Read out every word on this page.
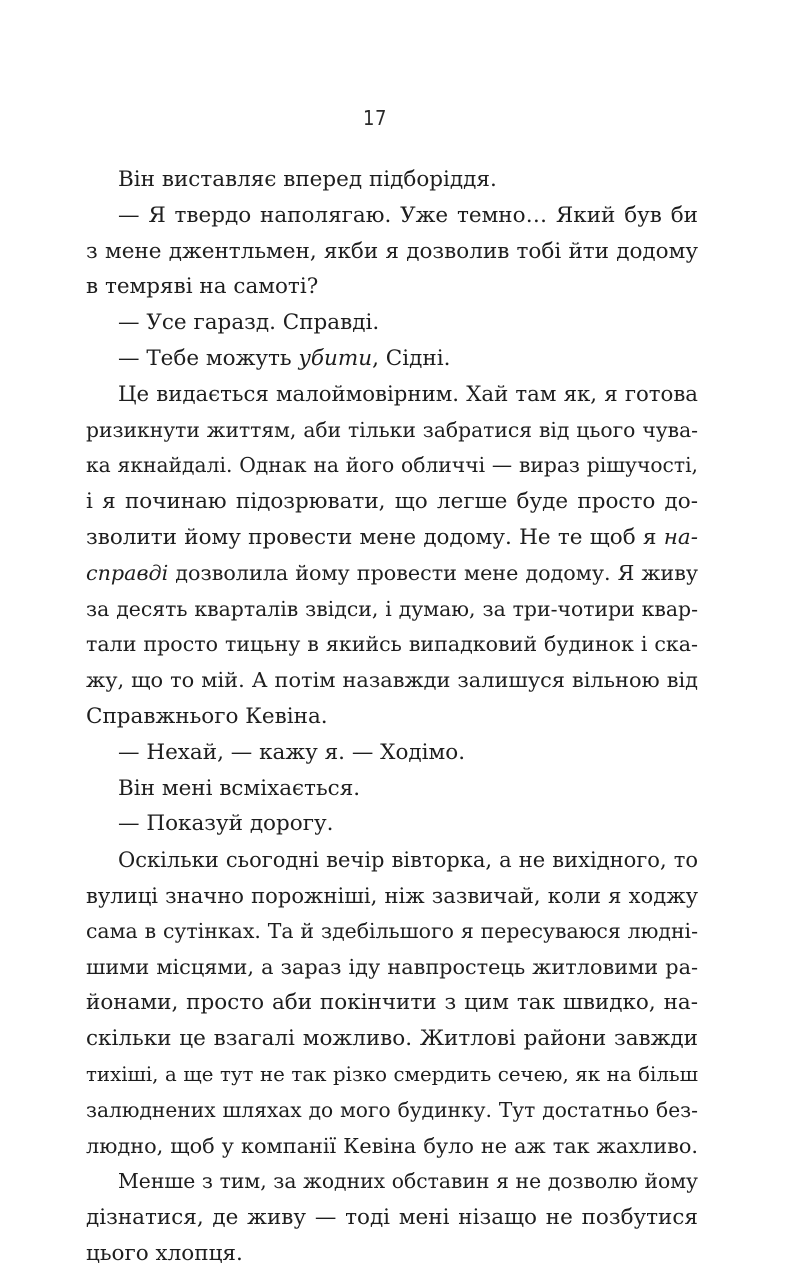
17
Він виставляє вперед підборіддя.
— Я твердо наполягаю. Уже темно… Який був би
з мене джентльмен, якби я дозволив тобі йти додому
в темряві на самоті?
— Усе гаразд. Справді.
— Тебе можуть убити, Сідні.
Це видається малоймовірним. Хай там як, я готова
ризикнути життям, аби тільки забратися від цього чува-
ка якнайдалі. Однак на його обличчі — вираз рішучості,
і я починаю підозрювати, що легше буде просто до-
зволити йому провести мене додому. Не те щоб я на-
справді дозволила йому провести мене додому. Я живу
за десять кварталів звідси, і думаю, за три-чотири квар-
тали просто тицьну в якийсь випадковий будинок і ска-
жу, що то мій. А потім назавжди залишуся вільною від
Справжнього Кевіна.
— Нехай, — кажу я. — Ходімо.
Він мені всміхається.
— Показуй дорогу.
Оскільки сьогодні вечір вівторка, а не вихідного, то
вулиці значно порожніші, ніж зазвичай, коли я ходжу
сама в сутінках. Та й здебільшого я пересуваюся людні-
шими місцями, а зараз іду навпростець житловими ра-
йонами, просто аби покінчити з цим так швидко, на-
скільки це взагалі можливо. Житлові райони завжди
тихіші, а ще тут не так різко смердить сечею, як на більш
залюднених шляхах до мого будинку. Тут достатньо без-
людно, щоб у компанії Кевіна було не аж так жахливо.
Менше з тим, за жодних обставин я не дозволю йому
дізнатися, де живу — тоді мені нізащо не позбутися
цього хлопця.
